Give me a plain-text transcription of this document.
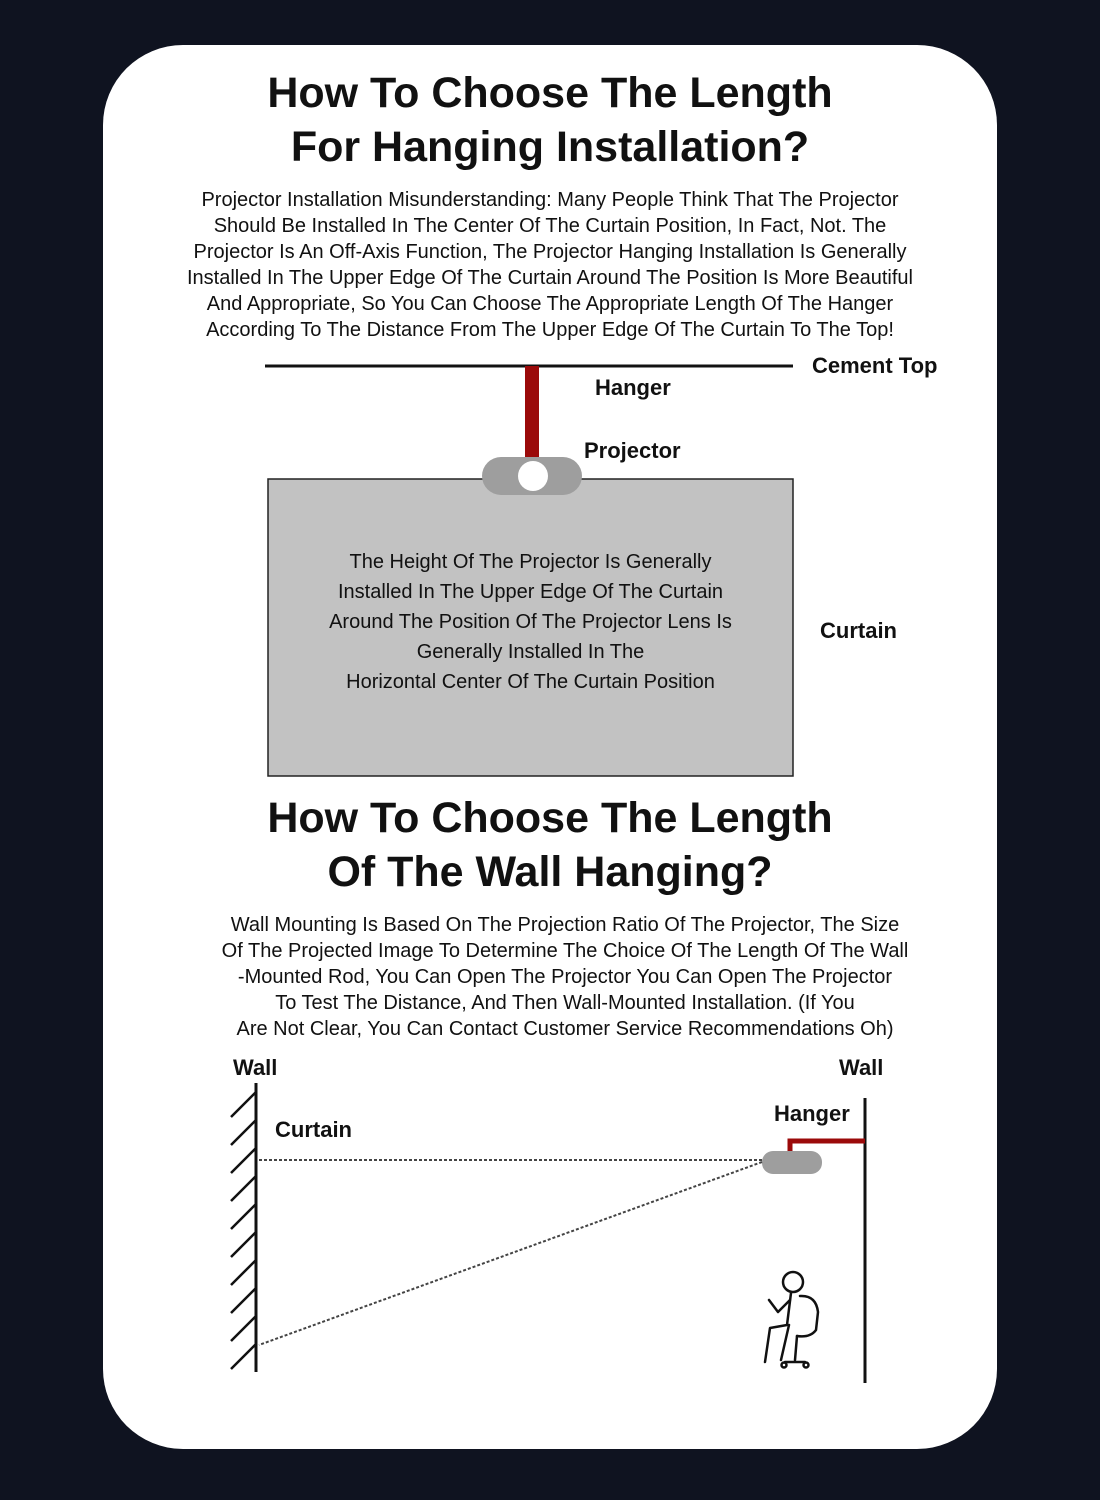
How To Choose The Length
For Hanging Installation?

Projector Installation Misunderstanding: Many People Think That The Projector
Should Be Installed In The Center Of The Curtain Position, In Fact, Not. The
Projector Is An Off-Axis Function, The Projector Hanging Installation Is Generally
Installed In The Upper Edge Of The Curtain Around The Position Is More Beautiful
And Appropriate, So You Can Choose The Appropriate Length Of The Hanger
According To The Distance From The Upper Edge Of The Curtain To The Top!

Cement Top
Hanger
Projector
Curtain
The Height Of The Projector Is Generally
Installed In The Upper Edge Of The Curtain
Around The Position Of The Projector Lens Is
Generally Installed In The
Horizontal Center Of The Curtain Position
How To Choose The Length
Of The Wall Hanging?

Wall Mounting Is Based On The Projection Ratio Of The Projector, The Size
Of The Projected Image To Determine The Choice Of The Length Of The Wall
-Mounted Rod, You Can Open The Projector You Can Open The Projector
To Test The Distance, And Then Wall-Mounted Installation. (If You
Are Not Clear, You Can Contact Customer Service Recommendations Oh)

Wall	Wall
Curtain
Hanger
